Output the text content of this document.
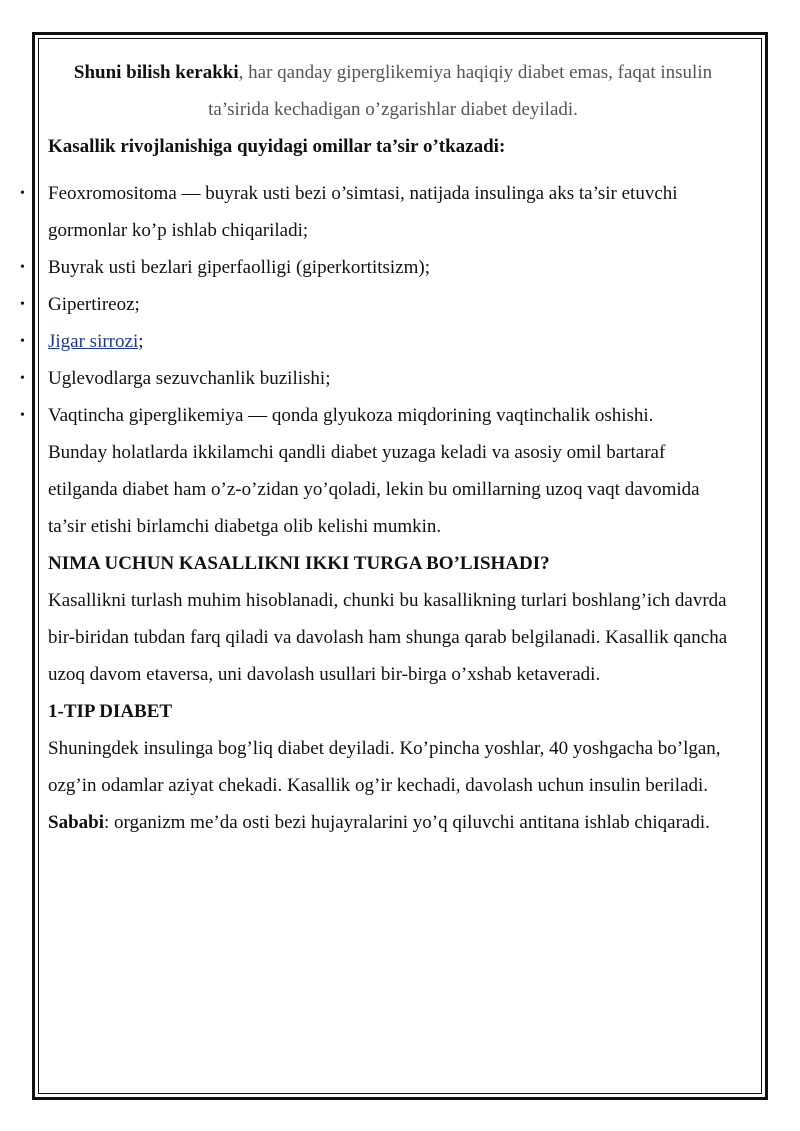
Shuni bilish kerakki, har qanday giperglikemiya haqiqiy diabet emas, faqat insulin ta’sirida kechadigan o’zgarishlar diabet deyiladi.

Kasallik rivojlanishiga quyidagi omillar ta’sir o’tkazadi:

• Feoxromositoma — buyrak usti bezi o’simtasi, natijada insulinga aks ta’sir etuvchi gormonlar ko’p ishlab chiqariladi;
• Buyrak usti bezlari giperfaolligi (giperkortitsizm);
• Gipertireoz;
• Jigar sirrozi;
• Uglevodlarga sezuvchanlik buzilishi;
• Vaqtincha giperglikemiya — qonda glyukoza miqdorining vaqtinchalik oshishi.

Bunday holatlarda ikkilamchi qandli diabet yuzaga keladi va asosiy omil bartaraf etilganda diabet ham o’z-o’zidan yo’qoladi, lekin bu omillarning uzoq vaqt davomida ta’sir etishi birlamchi diabetga olib kelishi mumkin.

NIMA UCHUN KASALLIKNI IKKI TURGA BO’LISHADI?

Kasallikni turlash muhim hisoblanadi, chunki bu kasallikning turlari boshlang’ich davrda bir-biridan tubdan farq qiladi va davolash ham shunga qarab belgilanadi. Kasallik qancha uzoq davom etaversa, uni davolash usullari bir-birga o’xshab ketaveradi.

1-TIP DIABET

Shuningdek insulinga bog’liq diabet deyiladi. Ko’pincha yoshlar, 40 yoshgacha bo’lgan, ozg’in odamlar aziyat chekadi. Kasallik og’ir kechadi, davolash uchun insulin beriladi.

Sababi: organizm me’da osti bezi hujayralarini yo’q qiluvchi antitana ishlab chiqaradi.
